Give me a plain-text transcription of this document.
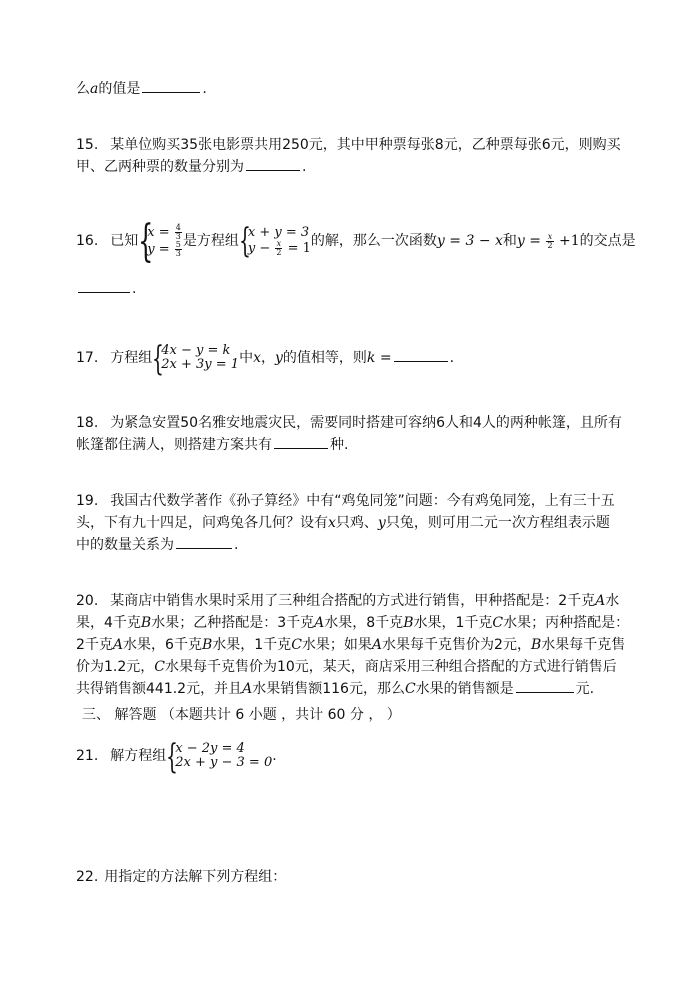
么a的值是	.
15. 某单位购买35张电影票共用250元，其中甲种票每张8元，乙种票每张6元，则购买
甲、乙两种票的数量分别为	.
16. 已知 {
$x = \frac{4}{3}$
$y = \frac{5}{3}$ 是方程组 {
x + y = 3
$y - \frac{x}{2} = 1$ 的解，那么一次函数y = 3 − x和$y = \frac{x}{2} +1$的交点是
.
17. 方程组 {
4x − y = k
2x + 3y = 1 中x，y的值相等，则k =	.
18. 为紧急安置50名雅安地震灾民，需要同时搭建可容纳6人和4人的两种帐篷，且所有
帐篷都住满人，则搭建方案共有	种.
19. 我国古代数学著作《孙子算经》中有“鸡兔同笼”问题：今有鸡兔同笼，上有三十五
头，下有九十四足，问鸡兔各几何？设有x只鸡、y只兔，则可用二元一次方程组表示题
中的数量关系为	.
20. 某商店中销售水果时采用了三种组合搭配的方式进行销售，甲种搭配是：2千克A水
果，4千克B水果；乙种搭配是：3千克A水果，8千克B水果，1千克C水果；丙种搭配是：
2千克A水果，6千克B水果，1千克C水果；如果A水果每千克售价为2元，B水果每千克售
价为1.2元，C水果每千克售价为10元，某天，商店采用三种组合搭配的方式进行销售后
共得销售额441.2元，并且A水果销售额116元，那么C水果的销售额是	元.
三、 解答题 （本题共计 6 小题 ，共计 60 分 ， ）
21. 解方程组 {
x − 2y = 4
2x + y − 3 = 0 .
22. 用指定的方法解下列方程组：
